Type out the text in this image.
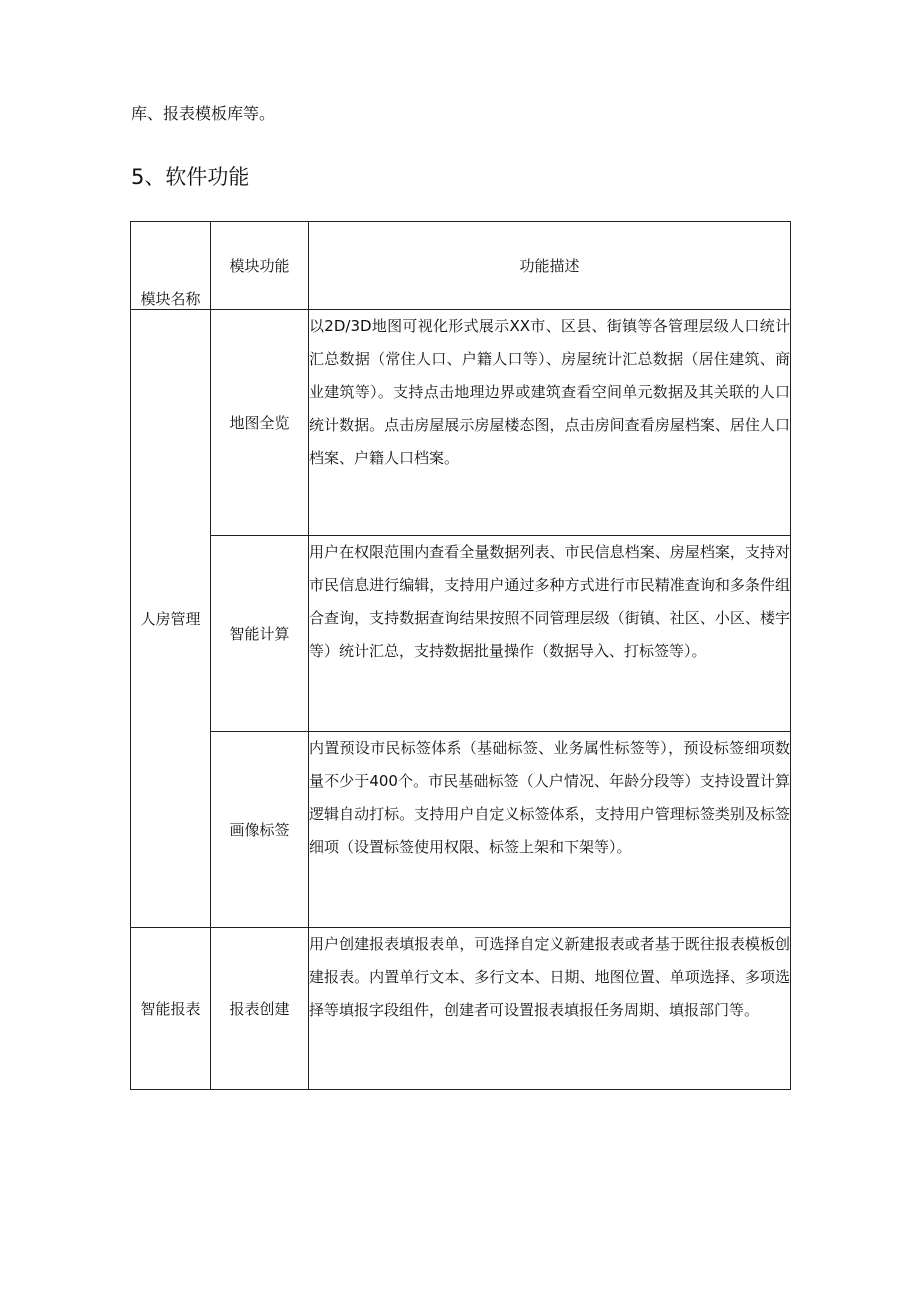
库、报表模板库等。
5、软件功能
模块名称	模块功能	功能描述
人房管理	地图全览	以2D/3D地图可视化形式展示XX市、区县、街镇等各管理层级人口统计汇总数据（常住人口、户籍人口等）、房屋统计汇总数据（居住建筑、商业建筑等）。支持点击地理边界或建筑查看空间单元数据及其关联的人口统计数据。点击房屋展示房屋楼态图，点击房间查看房屋档案、居住人口档案、户籍人口档案。
	智能计算	用户在权限范围内查看全量数据列表、市民信息档案、房屋档案，支持对市民信息进行编辑，支持用户通过多种方式进行市民精准查询和多条件组合查询，支持数据查询结果按照不同管理层级（街镇、社区、小区、楼宇等）统计汇总，支持数据批量操作（数据导入、打标签等）。
	画像标签	内置预设市民标签体系（基础标签、业务属性标签等），预设标签细项数量不少于400个。市民基础标签（人户情况、年龄分段等）支持设置计算逻辑自动打标。支持用户自定义标签体系，支持用户管理标签类别及标签细项（设置标签使用权限、标签上架和下架等）。
智能报表	报表创建	用户创建报表填报表单，可选择自定义新建报表或者基于既往报表模板创建报表。内置单行文本、多行文本、日期、地图位置、单项选择、多项选择等填报字段组件，创建者可设置报表填报任务周期、填报部门等。
